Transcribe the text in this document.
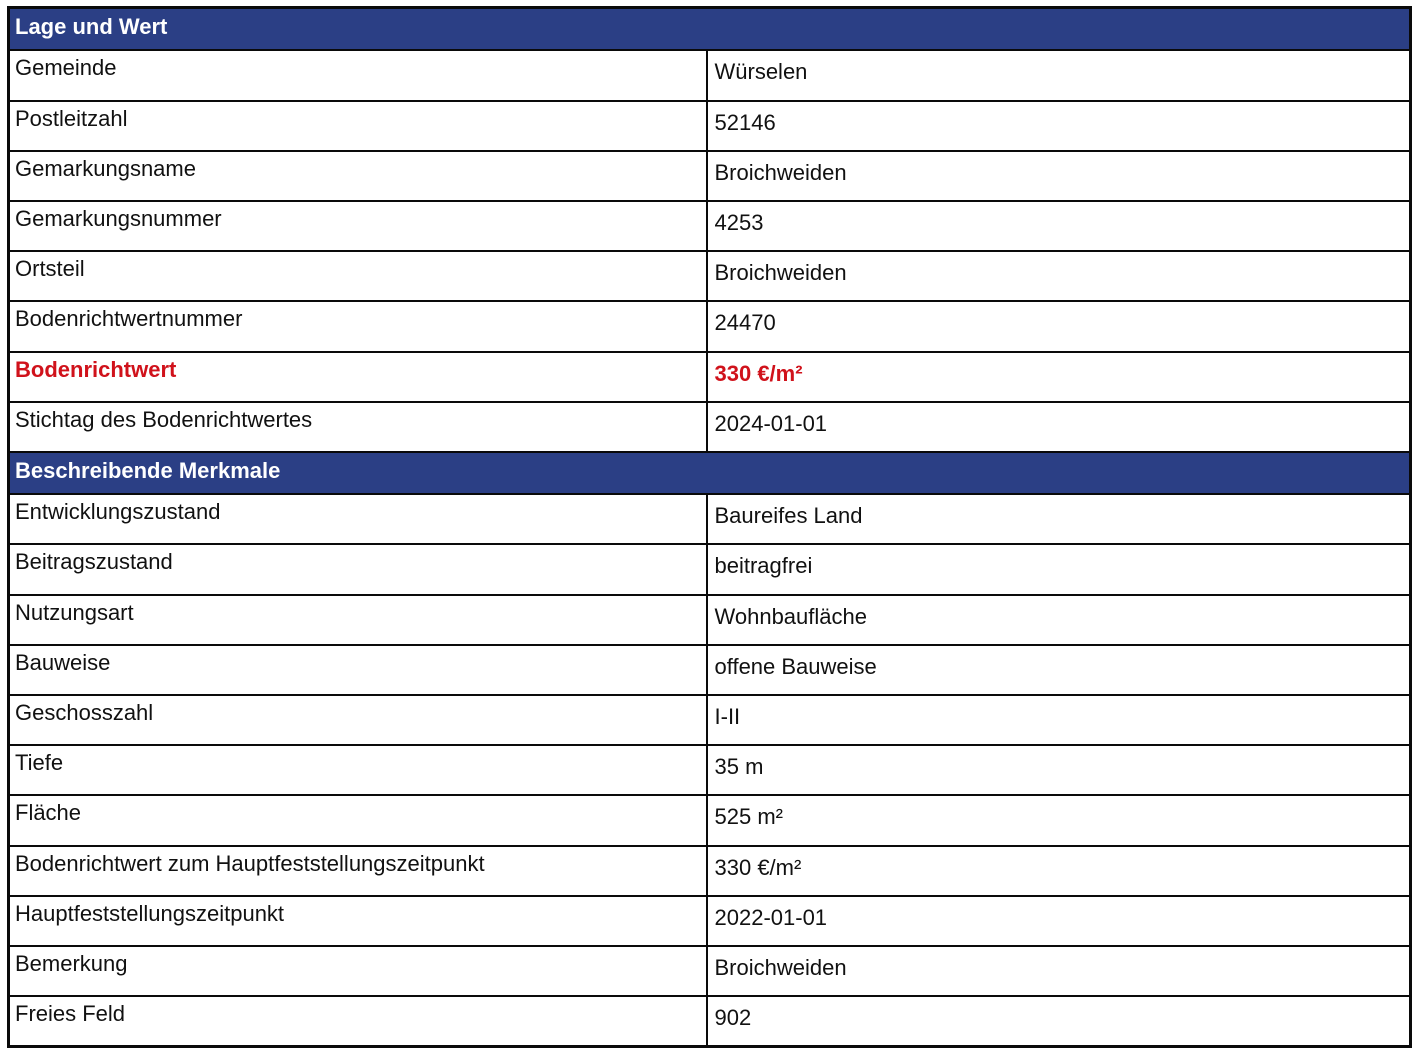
Lage und Wert	
Gemeinde	Würselen
Postleitzahl	52146
Gemarkungsname	Broichweiden
Gemarkungsnummer	4253
Ortsteil	Broichweiden
Bodenrichtwertnummer	24470
Bodenrichtwert	330 €/m²
Stichtag des Bodenrichtwertes	2024-01-01
Beschreibende Merkmale	
Entwicklungszustand	Baureifes Land
Beitragszustand	beitragfrei
Nutzungsart	Wohnbaufläche
Bauweise	offene Bauweise
Geschosszahl	I-II
Tiefe	35 m
Fläche	525 m²
Bodenrichtwert zum Hauptfeststellungszeitpunkt	330 €/m²
Hauptfeststellungszeitpunkt	2022-01-01
Bemerkung	Broichweiden
Freies Feld	902
